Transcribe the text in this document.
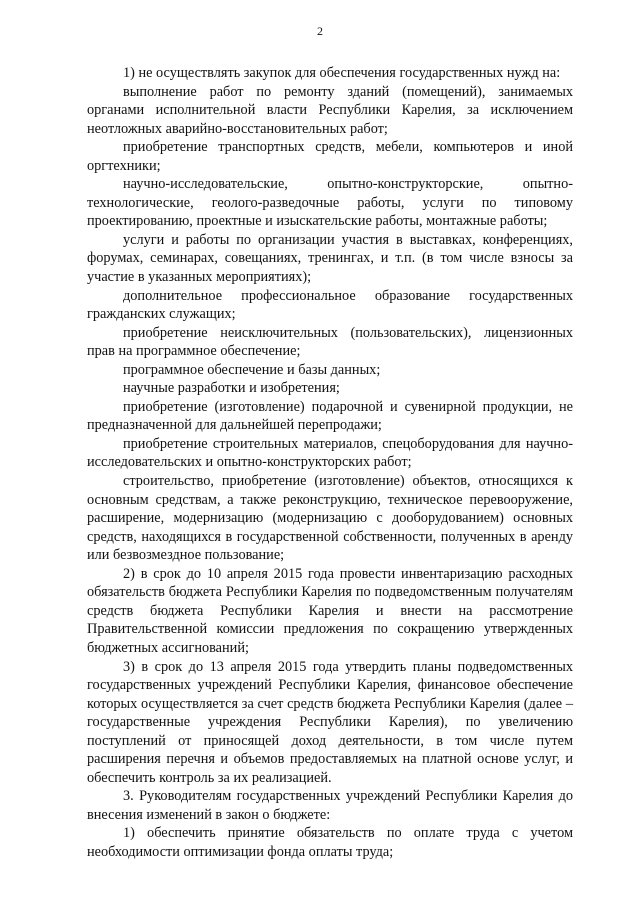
2

1) не осуществлять закупок для обеспечения государственных нужд на:

выполнение работ по ремонту зданий (помещений), занимаемых органами исполнительной власти Республики Карелия, за исключением неотложных аварийно-восстановительных работ;

приобретение транспортных средств, мебели, компьютеров и иной оргтехники;

научно-исследовательские, опытно-конструкторские, опытно-технологические, геолого-разведочные работы, услуги по типовому проектированию, проектные и изыскательские работы, монтажные работы;

услуги и работы по организации участия в выставках, конференциях, форумах, семинарах, совещаниях, тренингах, и т.п. (в том числе взносы за участие в указанных мероприятиях);

дополнительное профессиональное образование государственных гражданских служащих;

приобретение неисключительных (пользовательских), лицензионных прав на программное обеспечение;

программное обеспечение и базы данных;

научные разработки и изобретения;

приобретение (изготовление) подарочной и сувенирной продукции, не предназначенной для дальнейшей перепродажи;

приобретение строительных материалов, спецоборудования для научно-исследовательских и опытно-конструкторских работ;

строительство, приобретение (изготовление) объектов, относящихся к основным средствам, а также реконструкцию, техническое перевооружение, расширение, модернизацию (модернизацию с дооборудованием) основных средств, находящихся в государственной собственности, полученных в аренду или безвозмездное пользование;

2) в срок до 10 апреля 2015 года провести инвентаризацию расходных обязательств бюджета Республики Карелия по подведомственным получателям средств бюджета Республики Карелия и внести на рассмотрение Правительственной комиссии предложения по сокращению утвержденных бюджетных ассигнований;

3) в срок до 13 апреля 2015 года утвердить планы подведомственных государственных учреждений Республики Карелия, финансовое обеспечение которых осуществляется за счет средств бюджета Республики Карелия (далее – государственные учреждения Республики Карелия), по увеличению поступлений от приносящей доход деятельности, в том числе путем расширения перечня и объемов предоставляемых на платной основе услуг, и обеспечить контроль за их реализацией.

3. Руководителям государственных учреждений Республики Карелия до внесения изменений в закон о бюджете:

1) обеспечить принятие обязательств по оплате труда с учетом необходимости оптимизации фонда оплаты труда;
